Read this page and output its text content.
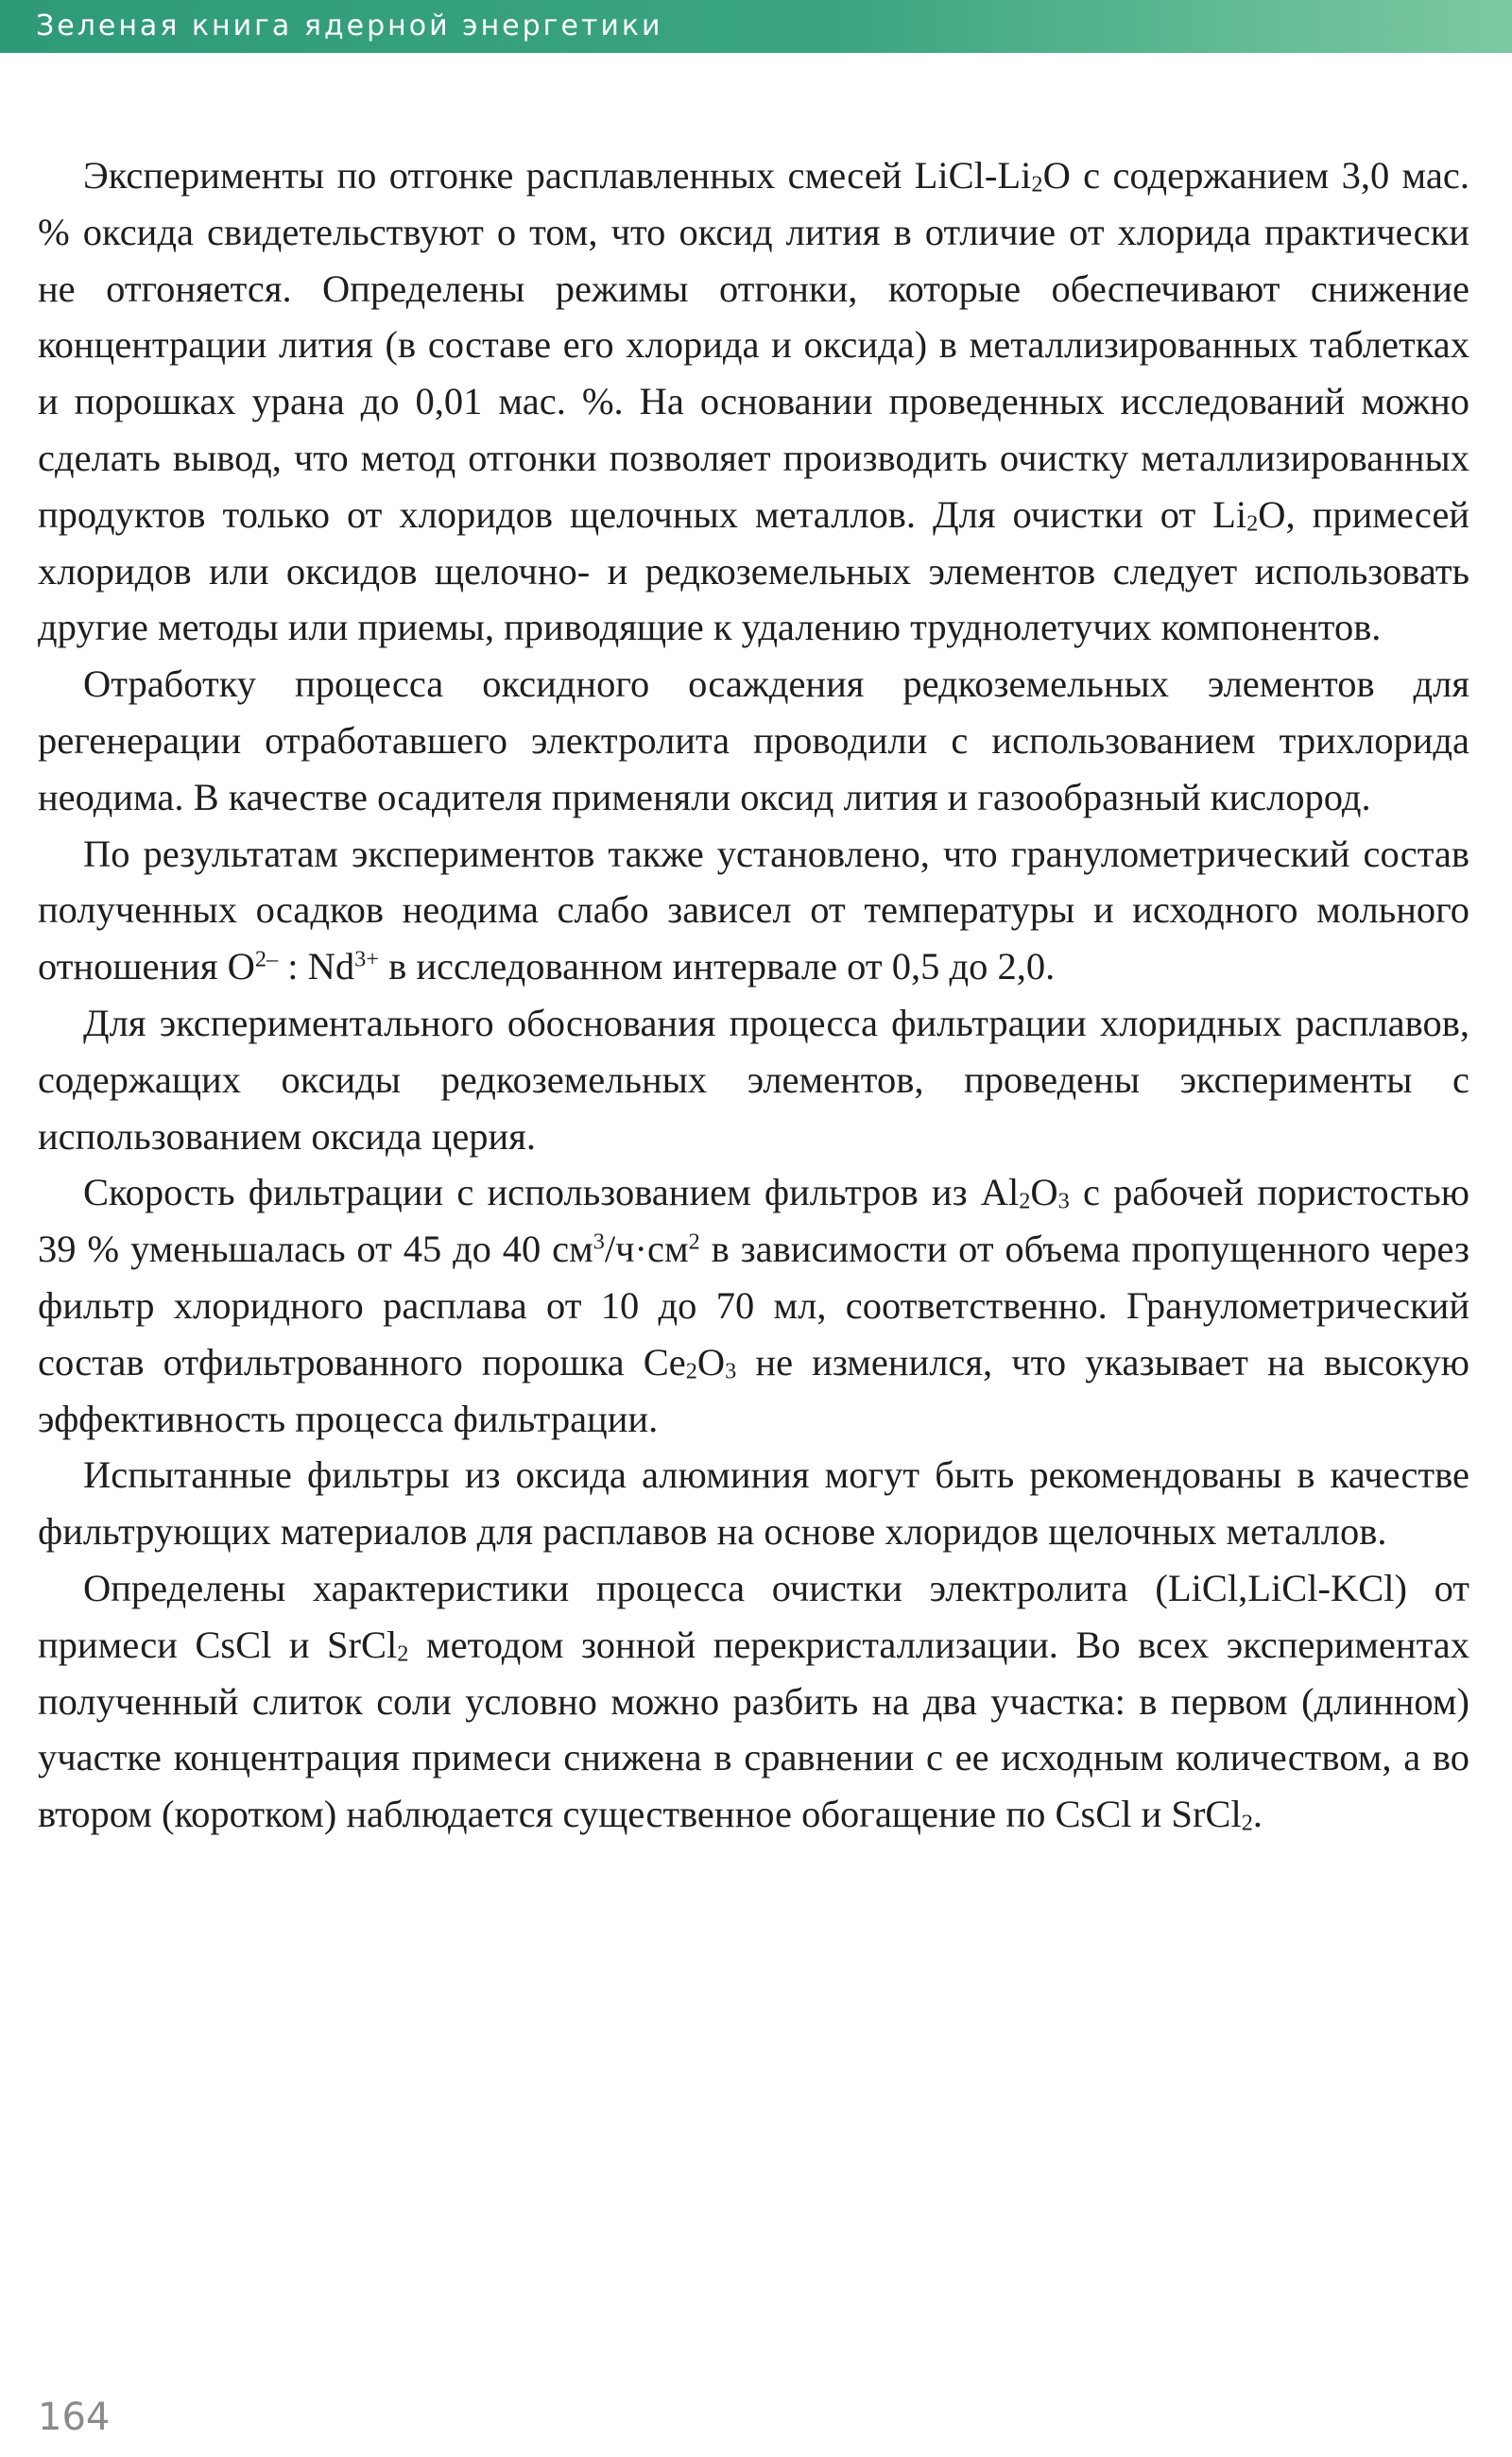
Зеленая книга ядерной энергетики

Эксперименты по отгонке расплавленных смесей LiCl-$Li_2O$ с содержанием 3,0 мас. % оксида свидетельствуют о том, что оксид лития в отличие от хлорида практически не отгоняется. Определены режимы отгонки, которые обеспечивают снижение концентрации лития (в составе его хлорида и оксида) в металлизированных таблетках и порошках урана до 0,01 мас. %. На основании проведенных исследований можно сделать вывод, что метод отгонки позволяет производить очистку металлизированных продуктов только от хлоридов щелочных металлов. Для очистки от $Li_2O$, примесей хлоридов или оксидов щелочно- и редкоземельных элементов следует использовать другие методы или приемы, приводящие к удалению труднолетучих компонентов.

Отработку процесса оксидного осаждения редкоземельных элементов для регенерации отработавшего электролита проводили с использованием трихлорида неодима. В качестве осадителя применяли оксид лития и газообразный кислород.

По результатам экспериментов также установлено, что гранулометрический состав полученных осадков неодима слабо зависел от температуры и исходного мольного отношения $O^{2-}$ : $Nd^{3+}$ в исследованном интервале от 0,5 до 2,0.

Для экспериментального обоснования процесса фильтрации хлоридных расплавов, содержащих оксиды редкоземельных элементов, проведены эксперименты с использованием оксида церия.

Скорость фильтрации с использованием фильтров из $Al_2O_3$ с рабочей пористостью 39 % уменьшалась от 45 до 40 $см^3/ч\cdot см^2$ в зависимости от объема пропущенного через фильтр хлоридного расплава от 10 до 70 мл, соответственно. Гранулометрический состав отфильтрованного порошка $Ce_2O_3$ не изменился, что указывает на высокую эффективность процесса фильтрации.

Испытанные фильтры из оксида алюминия могут быть рекомендованы в качестве фильтрующих материалов для расплавов на основе хлоридов щелочных металлов.

Определены характеристики процесса очистки электролита (LiCl,LiCl-KCl) от примеси CsCl и SrCl$_2$ методом зонной перекристаллизации. Во всех экспериментах полученный слиток соли условно можно разбить на два участка: в первом (длинном) участке концентрация примеси снижена в сравнении с ее исходным количеством, а во втором (коротком) наблюдается существенное обогащение по CsCl и SrCl$_2$.

164
